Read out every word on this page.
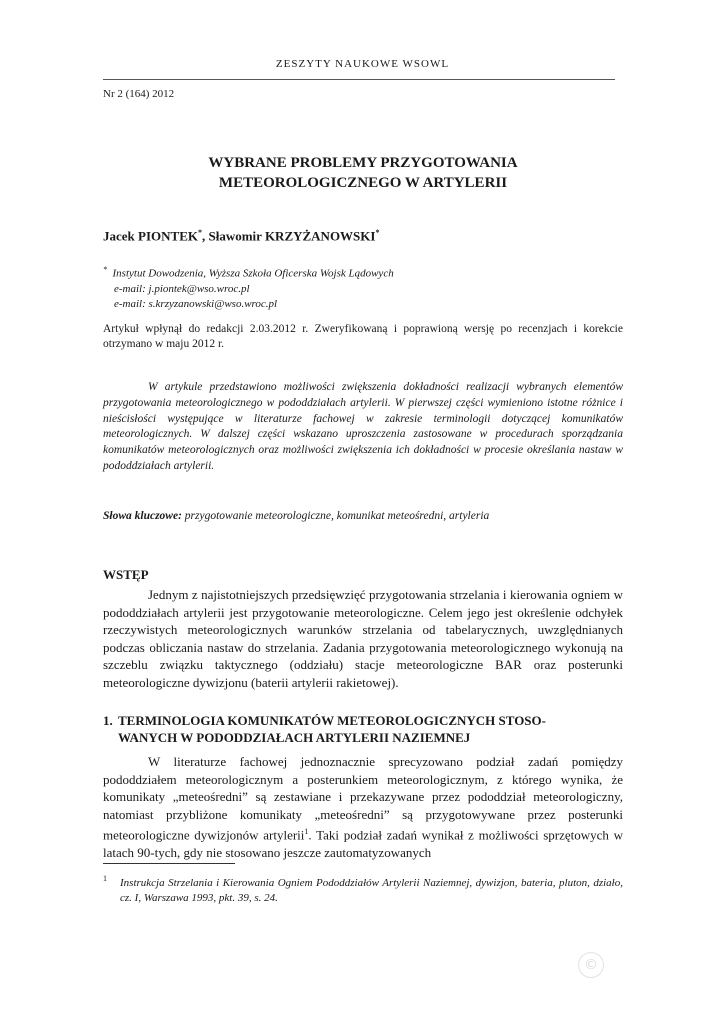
ZESZYTY NAUKOWE WSOWL
Nr 2 (164) 2012
WYBRANE PROBLEMY PRZYGOTOWANIA
METEOROLOGICZNEGO W ARTYLERII
Jacek PIONTEK*, Sławomir KRZYŻANOWSKI*
* Instytut Dowodzenia, Wyższa Szkoła Oficerska Wojsk Lądowych
e-mail: j.piontek@wso.wroc.pl
e-mail: s.krzyzanowski@wso.wroc.pl
Artykuł wpłynął do redakcji 2.03.2012 r. Zweryfikowaną i poprawioną wersję po recenzjach i korekcie otrzymano w maju 2012 r.
W artykule przedstawiono możliwości zwiększenia dokładności realizacji wybranych elementów przygotowania meteorologicznego w pododdziałach artylerii. W pierwszej części wymieniono istotne różnice i nieścisłości występujące w literaturze fachowej w zakresie terminologii dotyczącej komunikatów meteorologicznych. W dalszej części wskazano uproszczenia zastosowane w procedurach sporządzania komunikatów meteorologicznych oraz możliwości zwiększenia ich dokładności w procesie określania nastaw w pododdziałach artylerii.
Słowa kluczowe: przygotowanie meteorologiczne, komunikat meteośredni, artyleria
WSTĘP
Jednym z najistotniejszych przedsięwzięć przygotowania strzelania i kierowania ogniem w pododdziałach artylerii jest przygotowanie meteorologiczne. Celem jego jest określenie odchyłek rzeczywistych meteorologicznych warunków strzelania od tabelarycznych, uwzględnianych podczas obliczania nastaw do strzelania. Zadania przygotowania meteorologicznego wykonują na szczeblu związku taktycznego (oddziału) stacje meteorologiczne BAR oraz posterunki meteorologiczne dywizjonu (baterii artylerii rakietowej).
1. TERMINOLOGIA KOMUNIKATÓW METEOROLOGICZNYCH STOSO-
WANYCH W PODODDZIAŁACH ARTYLERII NAZIEMNEJ
W literaturze fachowej jednoznacznie sprecyzowano podział zadań pomiędzy pododdziałem meteorologicznym a posterunkiem meteorologicznym, z którego wynika, że komunikaty „meteośredni” są zestawiane i przekazywane przez pododdział meteorologiczny, natomiast przybliżone komunikaty „meteośredni” są przygotowywane przez posterunki meteorologiczne dywizjonów artylerii$^1$. Taki podział zadań wynikał z możliwości sprzętowych w latach 90-tych, gdy nie stosowano jeszcze zautomatyzowanych
1 Instrukcja Strzelania i Kierowania Ogniem Pododdziałów Artylerii Naziemnej, dywizjon, bateria, pluton, działo, cz. I, Warszawa 1993, pkt. 39, s. 24.
©
